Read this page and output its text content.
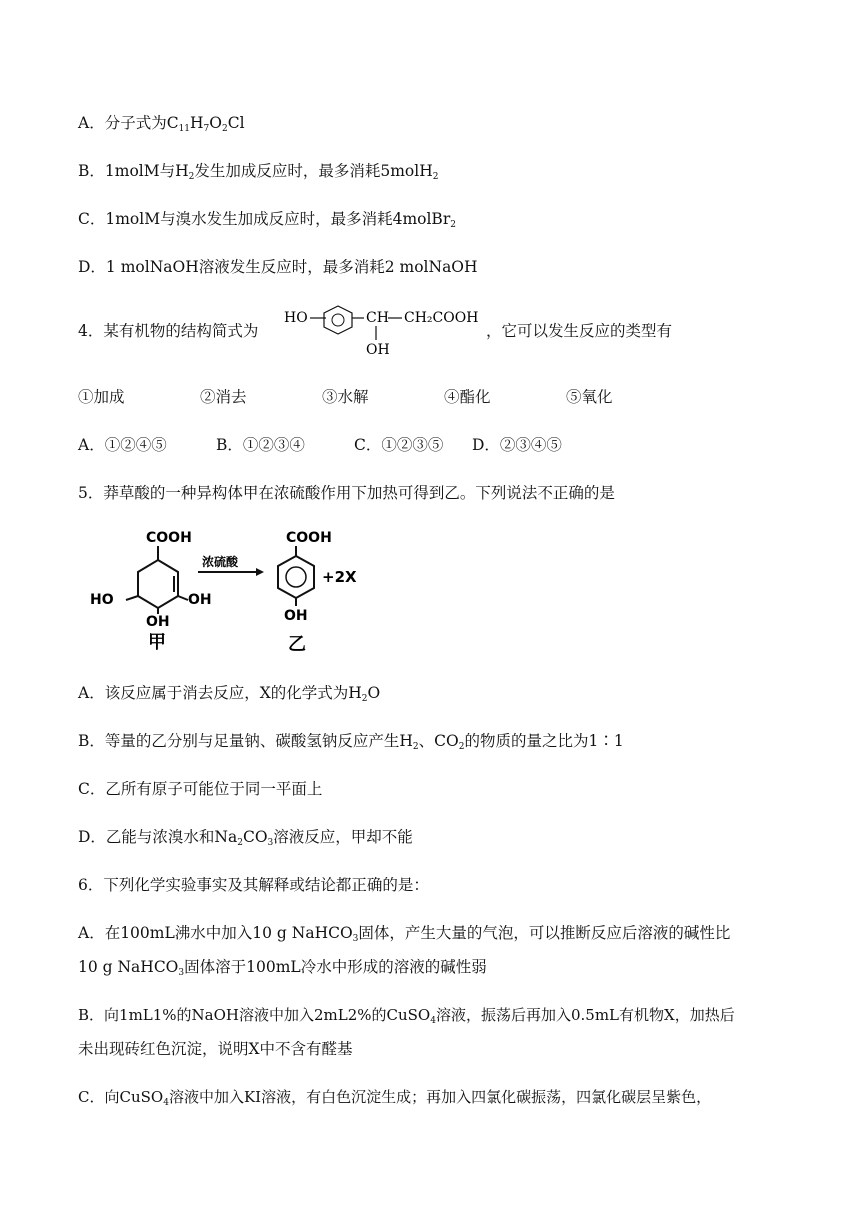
A．分子式为$C_{11}H_7O_2Cl$
B．1molM与$H_2$发生加成反应时，最多消耗5molH$_2$
C．1molM与溴水发生加成反应时，最多消耗4molBr$_2$
D．1 molNaOH溶液发生反应时，最多消耗2 molNaOH
4．某有机物的结构简式为
HO	CH CH₂COOH
OH
，它可以发生反应的类型有
①加成	②消去	③水解	④酯化	⑤氧化
A．①②④⑤	B．①②③④	C．①②③⑤ D．②③④⑤
5．莽草酸的一种异构体甲在浓硫酸作用下加热可得到乙。下列说法不正确的是
COOH
HO
OH
OH
甲
浓硫酸
COOH
OH
+2X
乙
A．该反应属于消去反应，X的化学式为$H_2O$
B．等量的乙分别与足量钠、碳酸氢钠反应产生$H_2$、$CO_2$的物质的量之比为1∶1
C．乙所有原子可能位于同一平面上
D．乙能与浓溴水和$Na_2CO_3$溶液反应，甲却不能
6．下列化学实验事实及其解释或结论都正确的是：
A．在100mL沸水中加入10 g NaHCO$_3$固体，产生大量的气泡，可以推断反应后溶液的碱性比
10 g NaHCO$_3$固体溶于100mL冷水中形成的溶液的碱性弱
B．向1mL1%的NaOH溶液中加入2mL2%的CuSO$_4$溶液，振荡后再加入0.5mL有机物X，加热后
未出现砖红色沉淀，说明X中不含有醛基
C．向CuSO$_4$溶液中加入KI溶液，有白色沉淀生成；再加入四氯化碳振荡，四氯化碳层呈紫色，
